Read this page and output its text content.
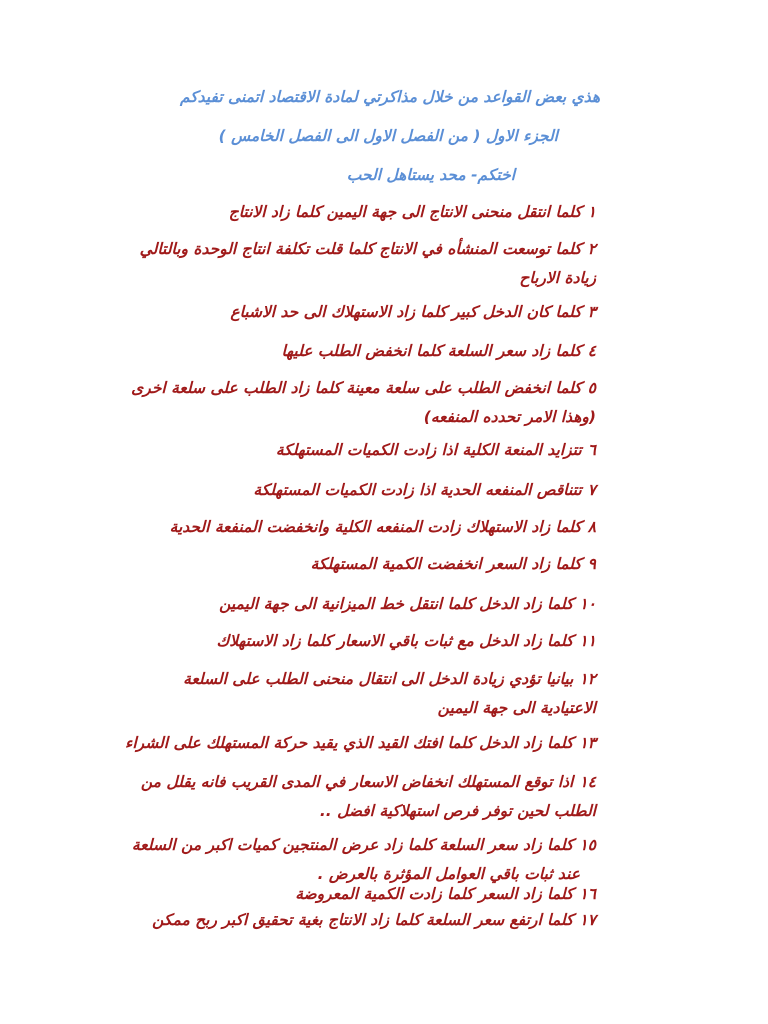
هذي بعض القواعد من خلال مذاكرتي لمادة الاقتصاد اتمنى تفيدكم
الجزء الاول ( من الفصل الاول الى الفصل الخامس )
اختكم- محد يستاهل الحب
١كلما انتقل منحنى الانتاج الى جهة اليمين كلما زاد الانتاج
٢كلما توسعت المنشأه في الانتاج كلما قلت تكلفة انتاج الوحدة وبالتالي
زيادة الارباح
٣كلما كان الدخل كبير كلما زاد الاستهلاك الى حد الاشباع
٤كلما زاد سعر السلعة كلما انخفض الطلب عليها
٥كلما انخفض الطلب على سلعة معينة كلما زاد الطلب على سلعة اخرى
(وهذا الامر تحدده المنفعه)
٦تتزايد المنعة الكلية اذا زادت الكميات المستهلكة
٧تتناقص المنفعه الحدية اذا زادت الكميات المستهلكة
٨كلما زاد الاستهلاك زادت المنفعه الكلية وانخفضت المنفعة الحدية
٩كلما زاد السعر انخفضت الكمية المستهلكة
١٠كلما زاد الدخل كلما انتقل خط الميزانية الى جهة اليمين
١١كلما زاد الدخل مع ثبات باقي الاسعار كلما زاد الاستهلاك
١٢بيانيا تؤدي زيادة الدخل الى انتقال منحنى الطلب على السلعة
الاعتيادية الى جهة اليمين
١٣كلما زاد الدخل كلما افتك القيد الذي يقيد حركة المستهلك على الشراء
١٤اذا توقع المستهلك انخفاض الاسعار في المدى القريب فانه يقلل من
الطلب لحين توفر فرص استهلاكية افضل ..
١٥كلما زاد سعر السلعة كلما زاد عرض المنتجين كميات اكبر من السلعة
عند ثبات باقي العوامل المؤثرة بالعرض .
١٦كلما زاد السعر كلما زادت الكمية المعروضة
١٧كلما ارتفع سعر السلعة كلما زاد الانتاج بغية تحقيق اكبر ربح ممكن
